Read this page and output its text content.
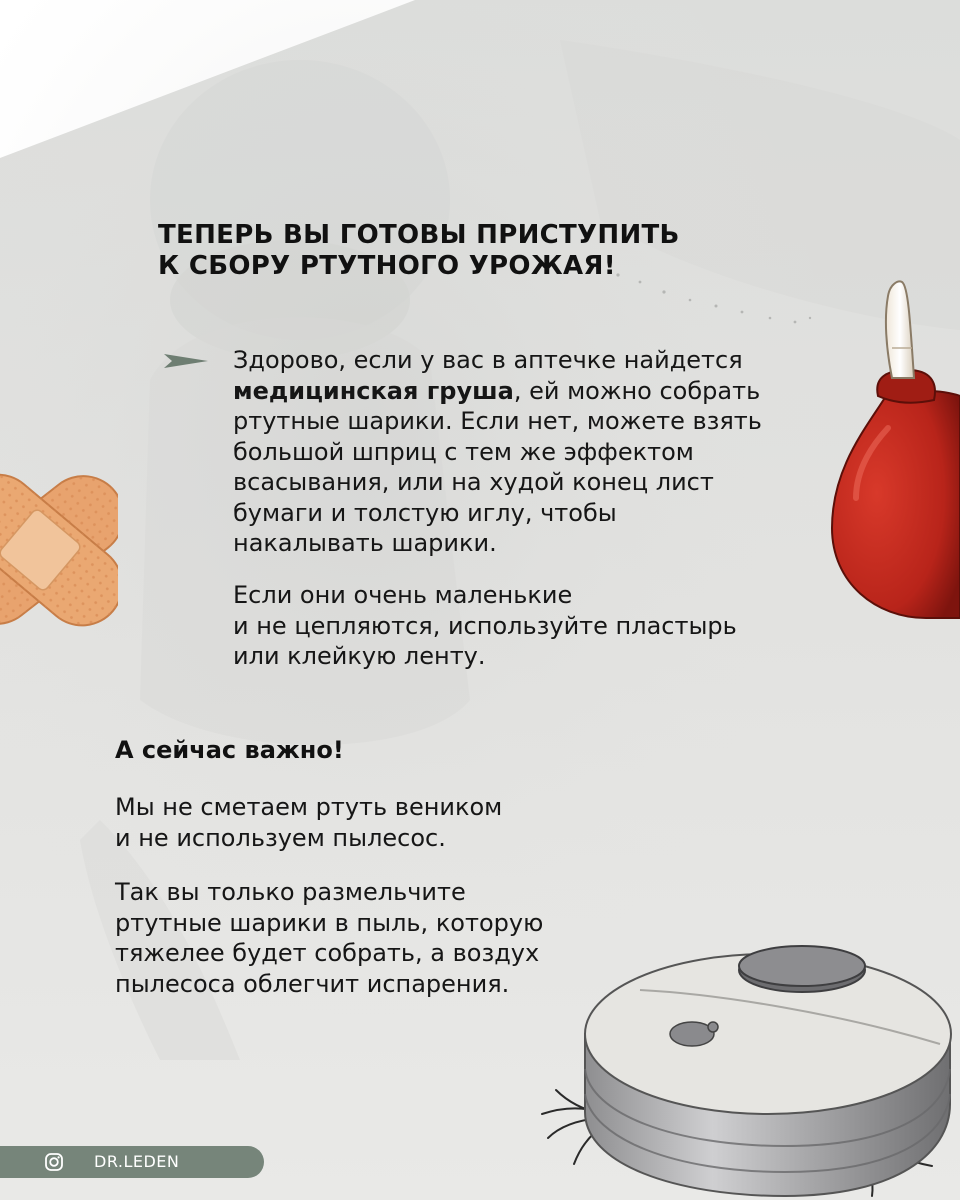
ТЕПЕРЬ ВЫ ГОТОВЫ ПРИСТУПИТЬ
К СБОРУ РТУТНОГО УРОЖАЯ!

Здорово, если у вас в аптечке найдется
медицинская груша, ей можно собрать
ртутные шарики. Если нет, можете взять
большой шприц с тем же эффектом
всасывания, или на худой конец лист
бумаги и толстую иглу, чтобы
накалывать шарики.

Если они очень маленькие
и не цепляются, используйте пластырь
или клейкую ленту.

А сейчас важно!

Мы не сметаем ртуть веником
и не используем пылесос.

Так вы только размельчите
ртутные шарики в пыль, которую
тяжелее будет собрать, а воздух
пылесоса облегчит испарения.

DR.LEDEN
